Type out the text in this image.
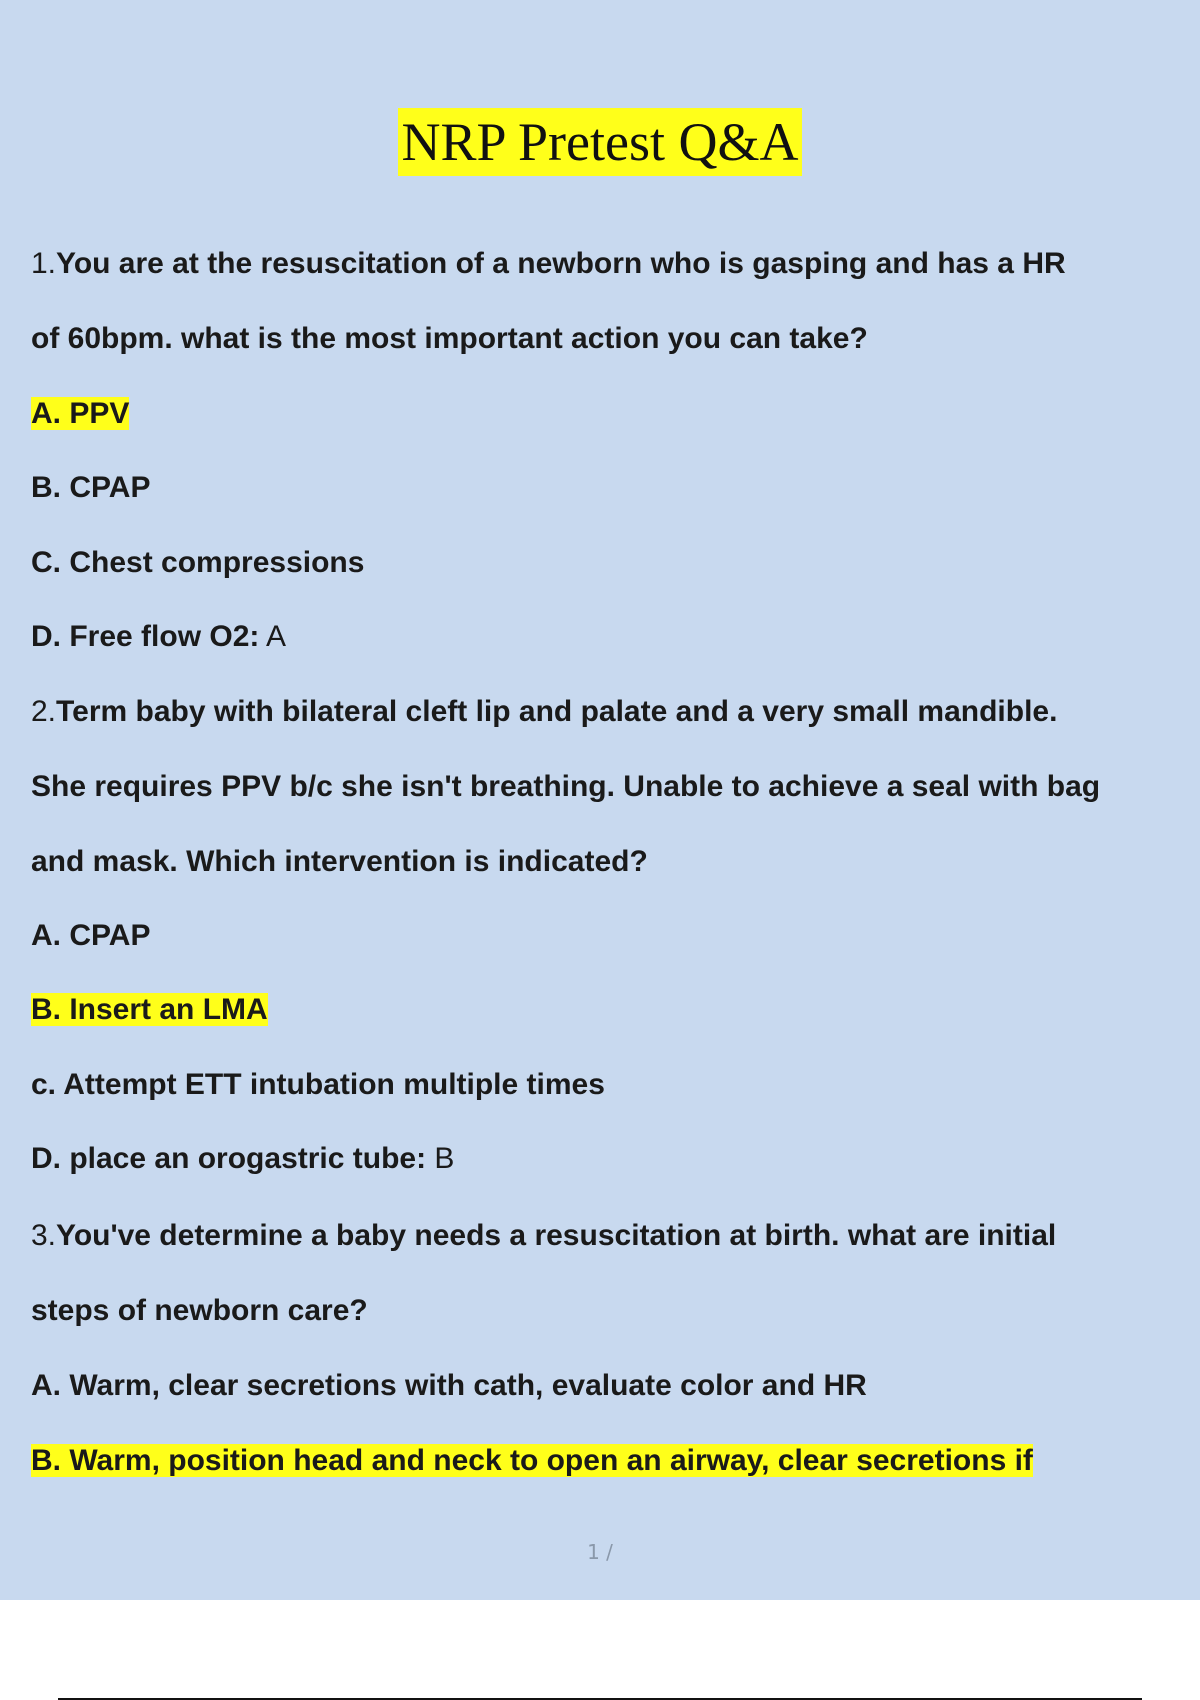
NRP Pretest Q&A
1.You are at the resuscitation of a newborn who is gasping and has a HR
of 60bpm. what is the most important action you can take?
A. PPV
B. CPAP
C. Chest compressions
D. Free flow O2: A
2.Term baby with bilateral cleft lip and palate and a very small mandible.
She requires PPV b/c she isn't breathing. Unable to achieve a seal with bag
and mask. Which intervention is indicated?
A. CPAP
B. Insert an LMA
c. Attempt ETT intubation multiple times
D. place an orogastric tube: B
3.You've determine a baby needs a resuscitation at birth. what are initial
steps of newborn care?
A. Warm, clear secretions with cath, evaluate color and HR
B. Warm, position head and neck to open an airway, clear secretions if
1 /
